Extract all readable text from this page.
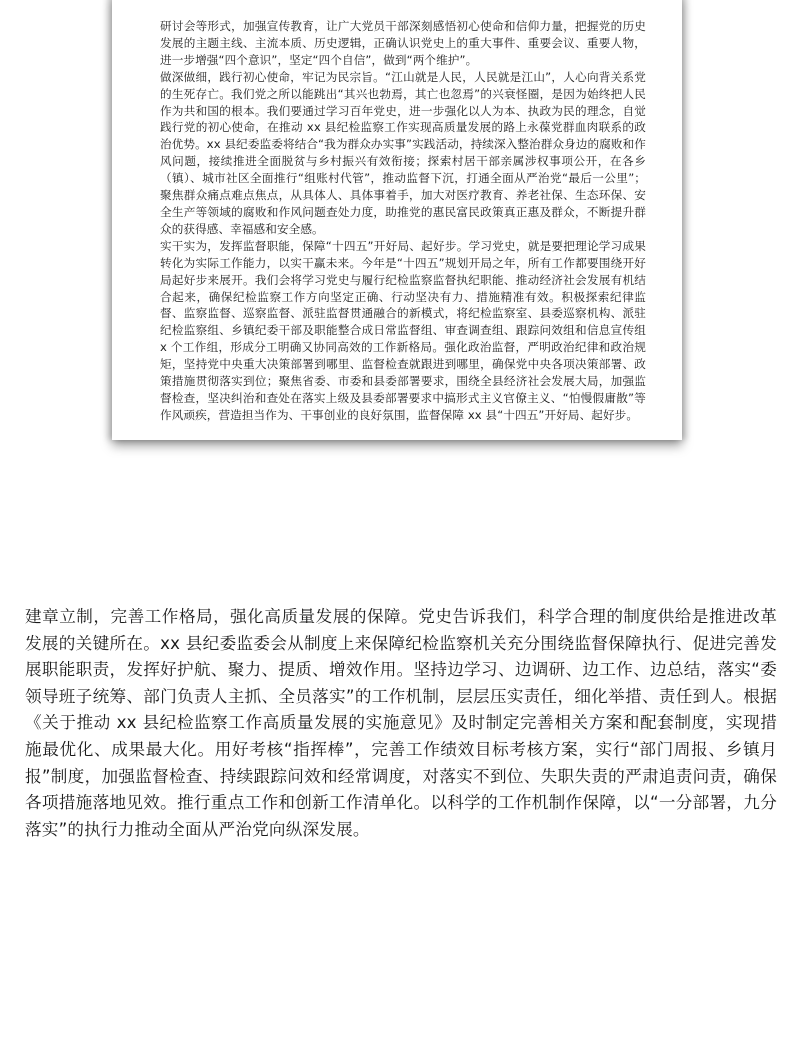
研讨会等形式，加强宣传教育，让广大党员干部深刻感悟初心使命和信仰力量，把握党的历史发展的主题主线、主流本质、历史逻辑，正确认识党史上的重大事件、重要会议、重要人物，进一步增强“四个意识”，坚定“四个自信”，做到“两个维护”。

做深做细，践行初心使命，牢记为民宗旨。“江山就是人民，人民就是江山”，人心向背关系党的生死存亡。我们党之所以能跳出“其兴也勃焉，其亡也忽焉”的兴衰怪圈，是因为始终把人民作为共和国的根本。我们要通过学习百年党史，进一步强化以人为本、执政为民的理念，自觉践行党的初心使命，在推动 xx 县纪检监察工作实现高质量发展的路上永葆党群血肉联系的政治优势。xx 县纪委监委将结合“我为群众办实事”实践活动，持续深入整治群众身边的腐败和作风问题，接续推进全面脱贫与乡村振兴有效衔接；探索村居干部亲属涉权事项公开，在各乡（镇）、城市社区全面推行“组账村代管”，推动监督下沉，打通全面从严治党“最后一公里”；聚焦群众痛点难点焦点，从具体人、具体事着手，加大对医疗教育、养老社保、生态环保、安全生产等领域的腐败和作风问题查处力度，助推党的惠民富民政策真正惠及群众，不断提升群众的获得感、幸福感和安全感。

实干实为，发挥监督职能，保障“十四五”开好局、起好步。学习党史，就是要把理论学习成果转化为实际工作能力，以实干赢未来。今年是“十四五”规划开局之年，所有工作都要围绕开好局起好步来展开。我们会将学习党史与履行纪检监察监督执纪职能、推动经济社会发展有机结合起来，确保纪检监察工作方向坚定正确、行动坚决有力、措施精准有效。积极探索纪律监督、监察监督、巡察监督、派驻监督贯通融合的新模式，将纪检监察室、县委巡察机构、派驻纪检监察组、乡镇纪委干部及职能整合成日常监督组、审查调查组、跟踪问效组和信息宣传组 x 个工作组，形成分工明确又协同高效的工作新格局。强化政治监督，严明政治纪律和政治规矩，坚持党中央重大决策部署到哪里、监督检查就跟进到哪里，确保党中央各项决策部署、政策措施贯彻落实到位；聚焦省委、市委和县委部署要求，围绕全县经济社会发展大局，加强监督检查，坚决纠治和查处在落实上级及县委部署要求中搞形式主义官僚主义、“怕慢假庸散”等作风顽疾，营造担当作为、干事创业的良好氛围，监督保障 xx 县“十四五”开好局、起好步。

建章立制，完善工作格局，强化高质量发展的保障。党史告诉我们，科学合理的制度供给是推进改革发展的关键所在。xx 县纪委监委会从制度上来保障纪检监察机关充分围绕监督保障执行、促进完善发展职能职责，发挥好护航、聚力、提质、增效作用。坚持边学习、边调研、边工作、边总结，落实“委领导班子统筹、部门负责人主抓、全员落实”的工作机制，层层压实责任，细化举措、责任到人。根据《关于推动 xx 县纪检监察工作高质量发展的实施意见》及时制定完善相关方案和配套制度，实现措施最优化、成果最大化。用好考核“指挥棒”，完善工作绩效目标考核方案，实行“部门周报、乡镇月报”制度，加强监督检查、持续跟踪问效和经常调度，对落实不到位、失职失责的严肃追责问责，确保各项措施落地见效。推行重点工作和创新工作清单化。以科学的工作机制作保障，以“一分部署，九分落实”的执行力推动全面从严治党向纵深发展。
